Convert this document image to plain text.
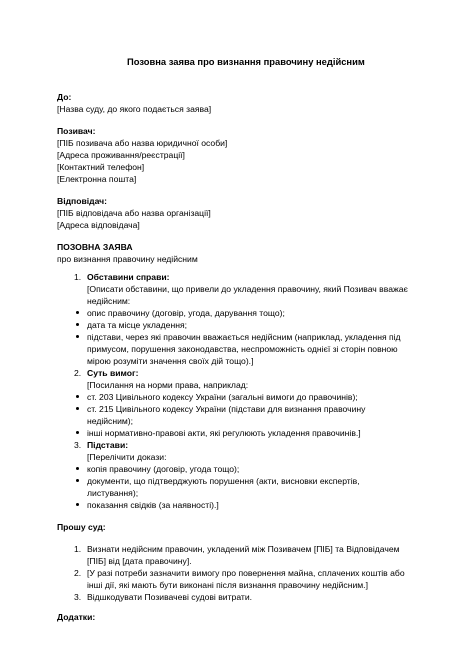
Позовна заява про визнання правочину недійсним
До:
[Назва суду, до якого подається заява]
Позивач:
[ПІБ позивача або назва юридичної особи]
[Адреса проживання/реєстрації]
[Контактний телефон]
[Електронна пошта]
Відповідач:
[ПІБ відповідача або назва організації]
[Адреса відповідача]
ПОЗОВНА ЗАЯВА
про визнання правочину недійсним
1. Обставини справи:
[Описати обставини, що привели до укладення правочину, який Позивач вважає
недійсним:
опис правочину (договір, угода, дарування тощо);
дата та місце укладення;
підстави, через які правочин вважається недійсним (наприклад, укладення під
примусом, порушення законодавства, неспроможність однієї зі сторін повною
мірою розуміти значення своїх дій тощо).]
2. Суть вимог:
[Посилання на норми права, наприклад:
ст. 203 Цивільного кодексу України (загальні вимоги до правочинів);
ст. 215 Цивільного кодексу України (підстави для визнання правочину
недійсним);
інші нормативно-правові акти, які регулюють укладення правочинів.]
3. Підстави:
[Перелічити докази:
копія правочину (договір, угода тощо);
документи, що підтверджують порушення (акти, висновки експертів,
листування);
показання свідків (за наявності).]
Прошу суд:
1. Визнати недійсним правочин, укладений між Позивачем [ПІБ] та Відповідачем
[ПІБ] від [дата правочину].
2. [У разі потреби зазначити вимогу про повернення майна, сплачених коштів або
інші дії, які мають бути виконані після визнання правочину недійсним.]
3. Відшкодувати Позивачеві судові витрати.
Додатки:
